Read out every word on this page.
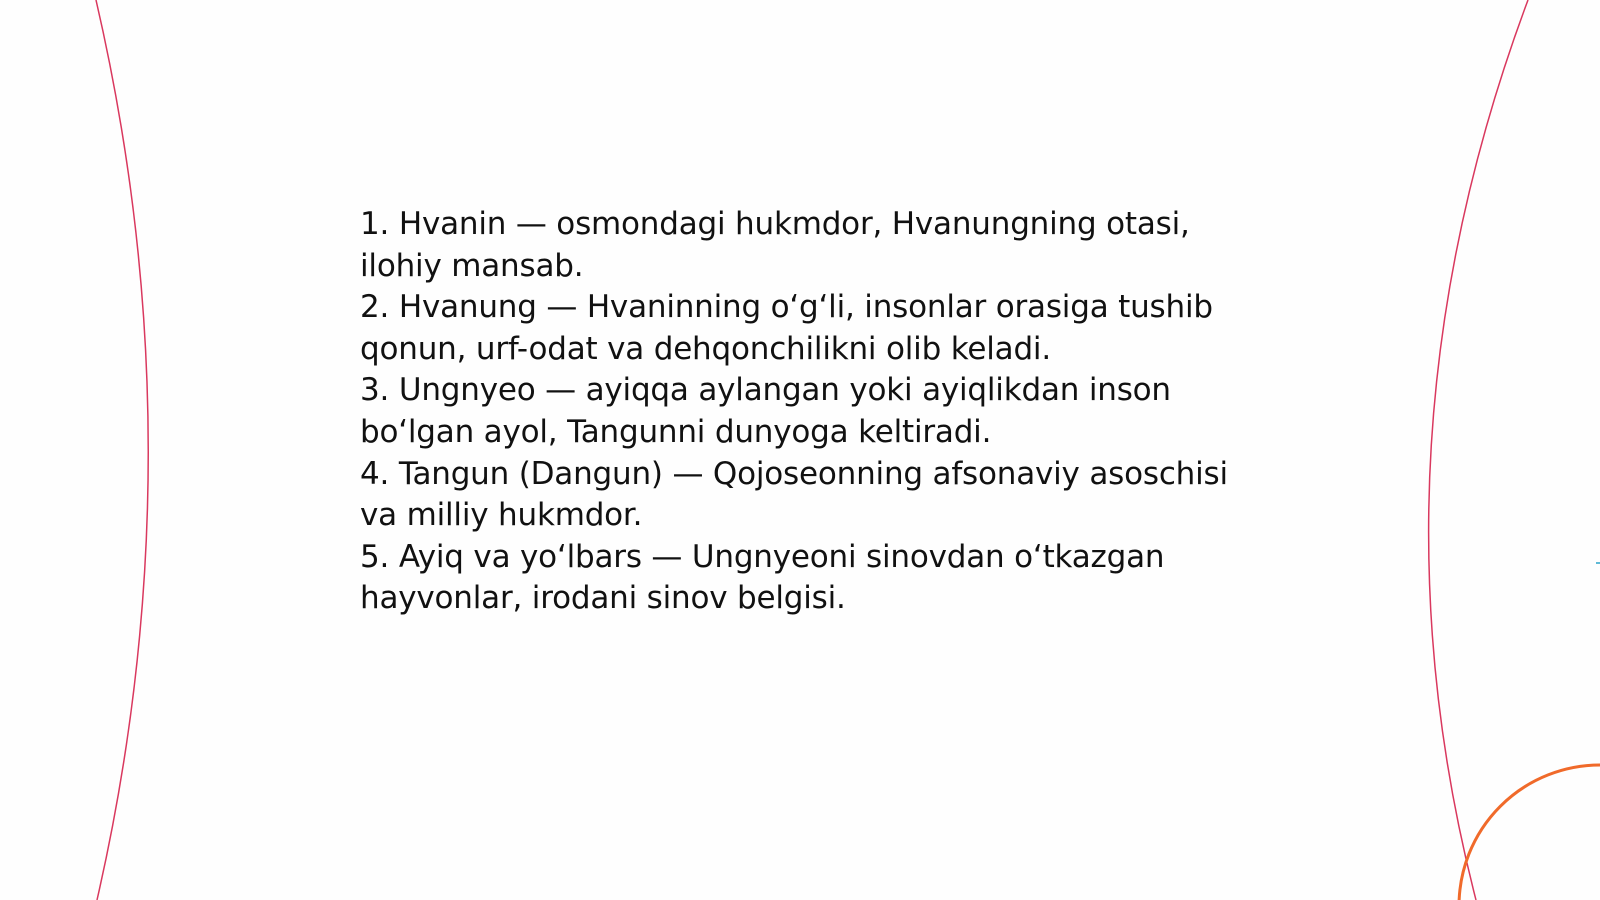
1. Hvanin — osmondagi hukmdor, Hvanungning otasi, ilohiy mansab.

2. Hvanung — Hvaninning o‘g‘li, insonlar orasiga tushib qonun, urf-odat va dehqonchilikni olib keladi.

3. Ungnyeo — ayiqqa aylangan yoki ayiqlikdan inson bo‘lgan ayol, Tangunni dunyoga keltiradi.

4. Tangun (Dangun) — Qojoseonning afsonaviy asoschisi va milliy hukmdor.

5. Ayiq va yo‘lbars — Ungnyeoni sinovdan o‘tkazgan hayvonlar, irodani sinov belgisi.
